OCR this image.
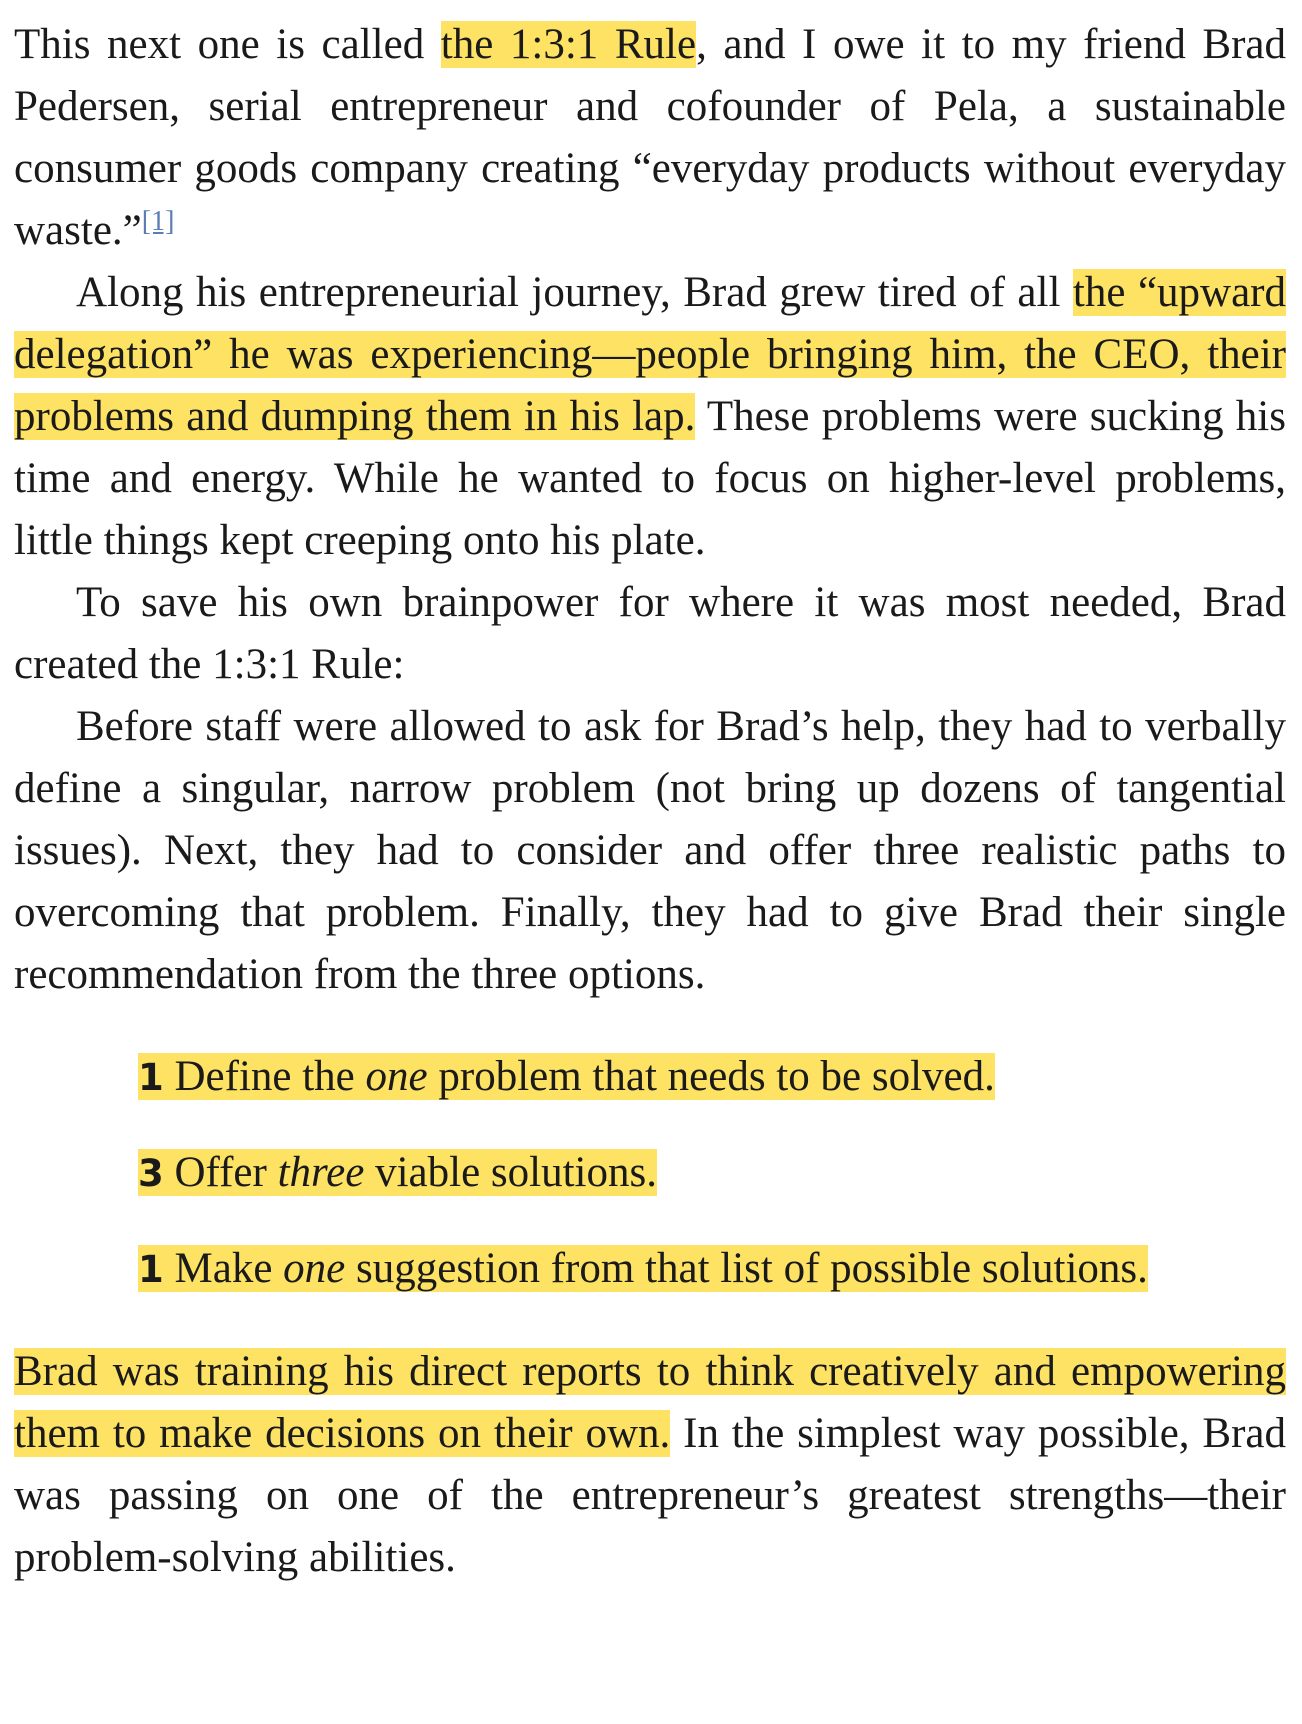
This next one is called the 1:3:1 Rule, and I owe it to my friend Brad Pedersen, serial entrepreneur and cofounder of Pela, a sustainable consumer goods company creating “everyday products without everyday waste.”[1]

Along his entrepreneurial journey, Brad grew tired of all the “upward delegation” he was experiencing—people bringing him, the CEO, their problems and dumping them in his lap. These problems were sucking his time and energy. While he wanted to focus on higher-level problems, little things kept creeping onto his plate.

To save his own brainpower for where it was most needed, Brad created the 1:3:1 Rule:

Before staff were allowed to ask for Brad’s help, they had to verbally define a singular, narrow problem (not bring up dozens of tangential issues). Next, they had to consider and offer three realistic paths to overcoming that problem. Finally, they had to give Brad their single recommendation from the three options.

1 Define the one problem that needs to be solved.
3 Offer three viable solutions.
1 Make one suggestion from that list of possible solutions.

Brad was training his direct reports to think creatively and empowering them to make decisions on their own. In the simplest way possible, Brad was passing on one of the entrepreneur’s greatest strengths—their problem-solving abilities.
